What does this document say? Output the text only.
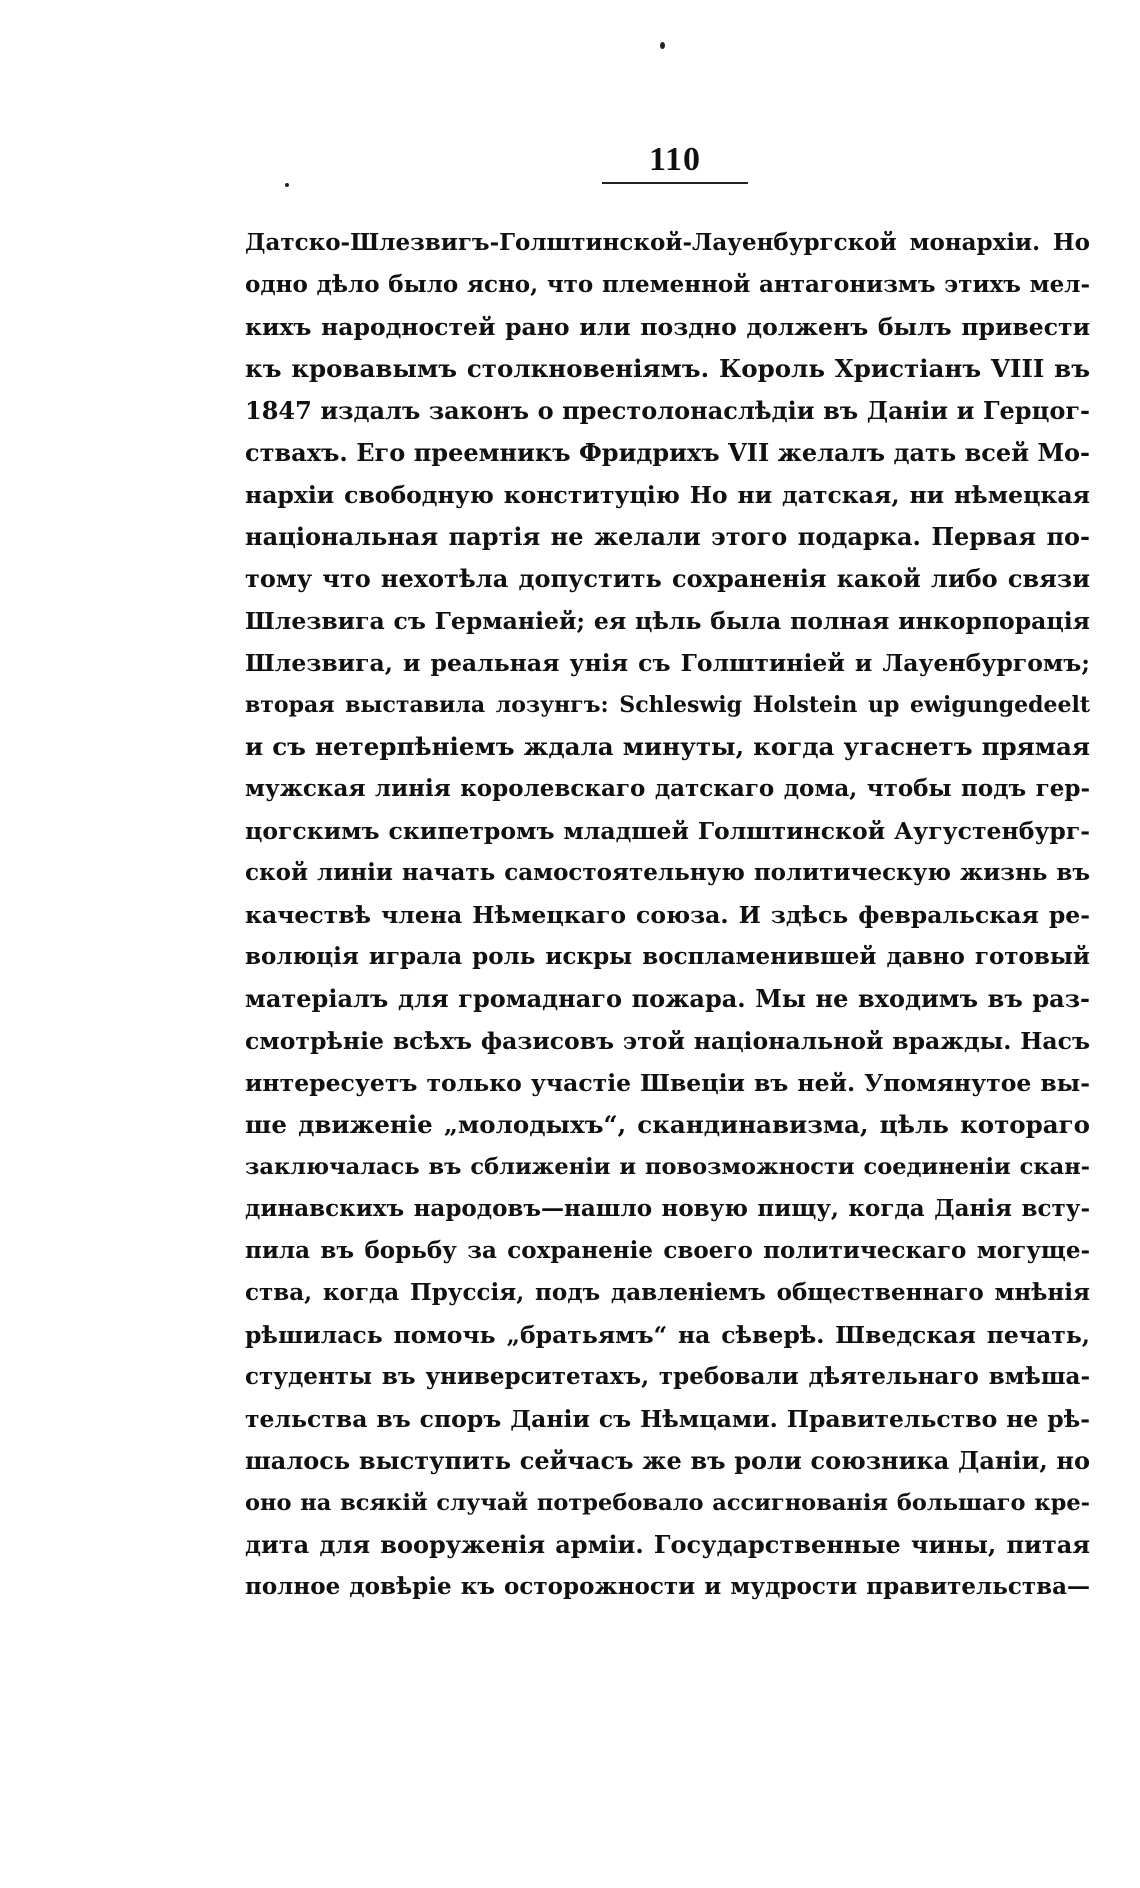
110
Датско-Шлезвигъ-Голштинской-Лауенбургской монархіи. Но
одно дѣло было ясно, что племенной антагонизмъ этихъ мел-
кихъ народностей рано или поздно долженъ былъ привести
къ кровавымъ столкновеніямъ. Король Христіанъ VIII въ
1847 издалъ законъ о престолонаслѣдіи въ Даніи и Герцог-
ствахъ. Его преемникъ Фридрихъ VII желалъ дать всей Мо-
нархіи свободную конституцію Но ни датская, ни нѣмецкая
національная партія не желали этого подарка. Первая по-
тому что нехотѣла допустить сохраненія какой либо связи
Шлезвига съ Германіей; ея цѣль была полная инкорпорація
Шлезвига, и реальная унія съ Голштиніей и Лауенбургомъ;
вторая выставила лозунгъ: Schleswig Holstein up ewigungedeelt
и съ нетерпѣніемъ ждала минуты, когда угаснетъ прямая
мужская линія королевскаго датскаго дома, чтобы подъ гер-
цогскимъ скипетромъ младшей Голштинской Аугустенбург-
ской линіи начать самостоятельную политическую жизнь въ
качествѣ члена Нѣмецкаго союза. И здѣсь февральская ре-
волюція играла роль искры воспламенившей давно готовый
матеріалъ для громаднаго пожара. Мы не входимъ въ раз-
смотрѣніе всѣхъ фазисовъ этой національной вражды. Насъ
интересуетъ только участіе Швеціи въ ней. Упомянутое вы-
ше движеніе „молодыхъ“, скандинавизма, цѣль котораго
заключалась въ сближеніи и повозможности соединеніи скан-
динавскихъ народовъ—нашло новую пищу, когда Данія всту-
пила въ борьбу за сохраненіе своего политическаго могуще-
ства, когда Пруссія, подъ давленіемъ общественнаго мнѣнія
рѣшилась помочь „братьямъ“ на сѣверѣ. Шведская печать,
студенты въ университетахъ, требовали дѣятельнаго вмѣша-
тельства въ споръ Даніи съ Нѣмцами. Правительство не рѣ-
шалось выступить сейчасъ же въ роли союзника Даніи, но
оно на всякій случай потребовало ассигнованія большаго кре-
дита для вооруженія арміи. Государственные чины, питая
полное довѣріе къ осторожности и мудрости правительства—
